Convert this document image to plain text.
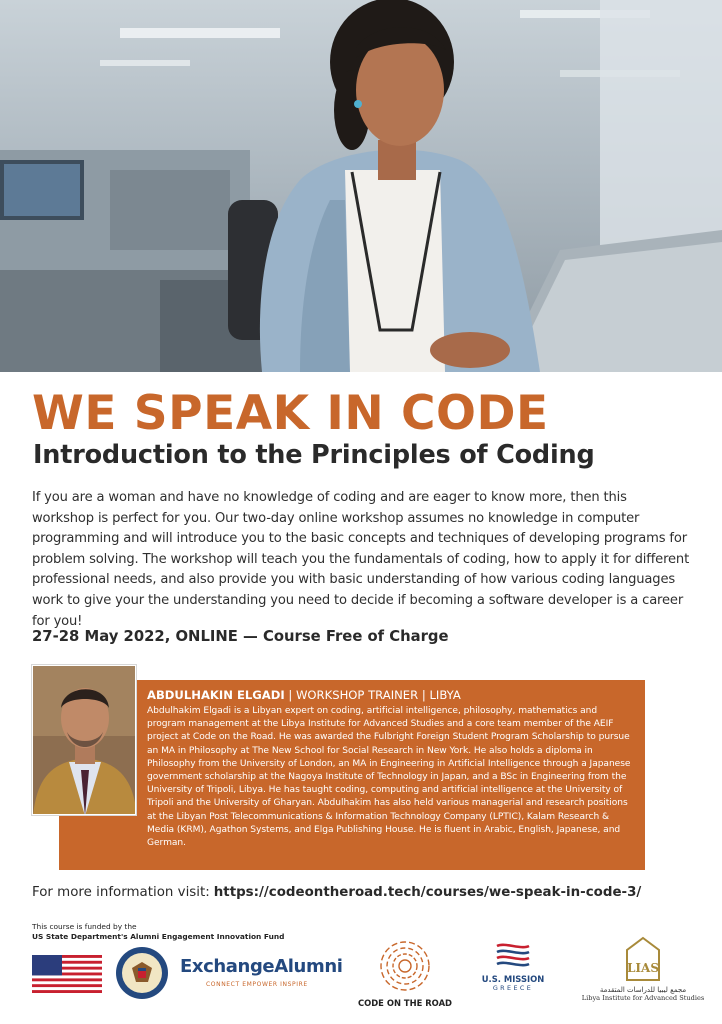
WE SPEAK IN CODE
Introduction to the Principles of Coding

If you are a woman and have no knowledge of coding and are eager to know more, then this workshop is perfect for you. Our two-day online workshop assumes no knowledge in computer programming and will introduce you to the basic concepts and techniques of developing programs for problem solving. The workshop will teach you the fundamentals of coding, how to apply it for different professional needs, and also provide you with basic understanding of how various coding languages work to give your the understanding you need to decide if becoming a software developer is a career for you!

27-28 May 2022, ONLINE — Course Free of Charge

ABDULHAKIN ELGADI | WORKSHOP TRAINER | LIBYA

Abdulhakim Elgadi is a Libyan expert on coding, artificial intelligence, philosophy, mathematics and program management at the Libya Institute for Advanced Studies and a core team member of the AEIF project at Code on the Road. He was awarded the Fulbright Foreign Student Program Scholarship to pursue an MA in Philosophy at The New School for Social Research in New York. He also holds a diploma in Philosophy from the University of London, an MA in Engineering in Artificial Intelligence through a Japanese government scholarship at the Nagoya Institute of Technology in Japan, and a BSc in Engineering from the University of Tripoli, Libya. He has taught coding, computing and artificial intelligence at the University of Tripoli and the University of Gharyan. Abdulhakim has also held various managerial and research positions at the Libyan Post Telecommunications & Information Technology Company (LPTIC), Kalam Research & Media (KRM), Agathon Systems, and Elga Publishing House. He is fluent in Arabic, English, Japanese, and German.

For more information visit: https://codeontheroad.tech/courses/we-speak-in-code-3/

This course is funded by the

US State Department's Alumni Engagement Innovation Fund

ExchangeAlumni
CONNECT EMPOWER INSPIRE
CODE ON THE ROAD
U.S. MISSION
GREECE
LIAS
مجمع ليبيا للدراسات المتقدمة
Libya Institute for Advanced Studies
